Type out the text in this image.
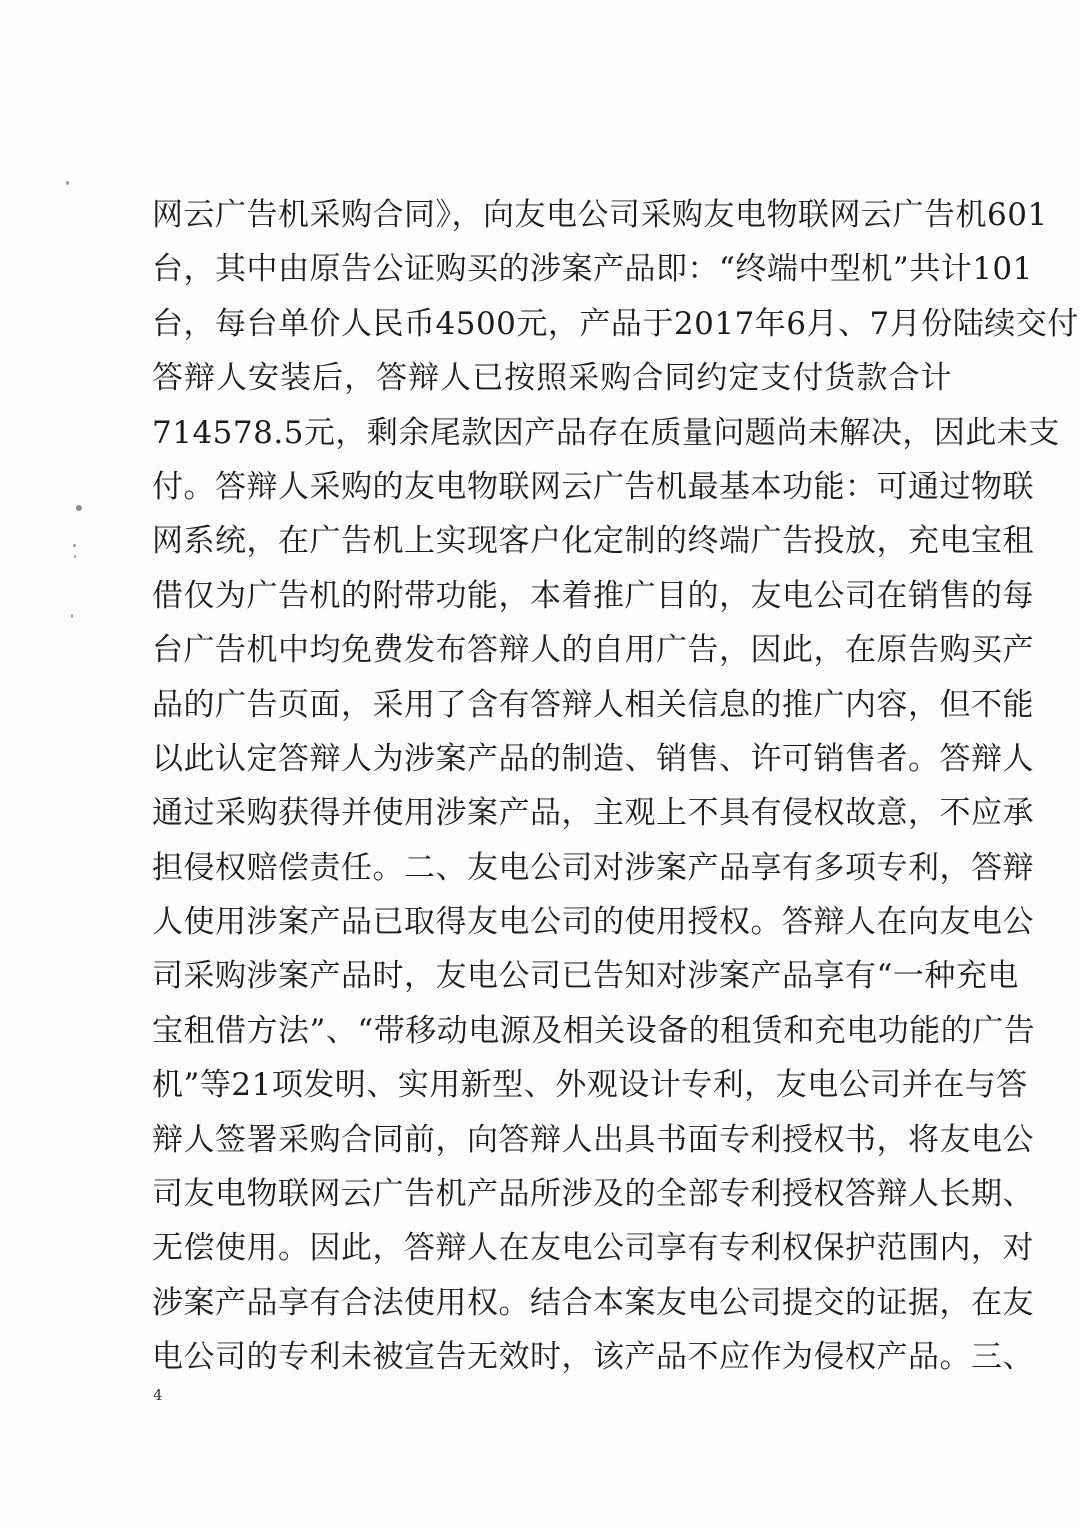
网云广告机采购合同》，向友电公司采购友电物联网云广告机601
台，其中由原告公证购买的涉案产品即：“终端中型机”共计101
台，每台单价人民币4500元，产品于2017年6月、7月份陆续交付
答辩人安装后，答辩人已按照采购合同约定支付货款合计
714578.5元，剩余尾款因产品存在质量问题尚未解决，因此未支
付。答辩人采购的友电物联网云广告机最基本功能：可通过物联
网系统，在广告机上实现客户化定制的终端广告投放，充电宝租
借仅为广告机的附带功能，本着推广目的，友电公司在销售的每
台广告机中均免费发布答辩人的自用广告，因此，在原告购买产
品的广告页面，采用了含有答辩人相关信息的推广内容，但不能
以此认定答辩人为涉案产品的制造、销售、许可销售者。答辩人
通过采购获得并使用涉案产品，主观上不具有侵权故意，不应承
担侵权赔偿责任。二、友电公司对涉案产品享有多项专利，答辩
人使用涉案产品已取得友电公司的使用授权。答辩人在向友电公
司采购涉案产品时，友电公司已告知对涉案产品享有“一种充电
宝租借方法”、“带移动电源及相关设备的租赁和充电功能的广告
机”等21项发明、实用新型、外观设计专利，友电公司并在与答
辩人签署采购合同前，向答辩人出具书面专利授权书，将友电公
司友电物联网云广告机产品所涉及的全部专利授权答辩人长期、
无偿使用。因此，答辩人在友电公司享有专利权保护范围内，对
涉案产品享有合法使用权。结合本案友电公司提交的证据，在友
电公司的专利未被宣告无效时，该产品不应作为侵权产品。三、
4
